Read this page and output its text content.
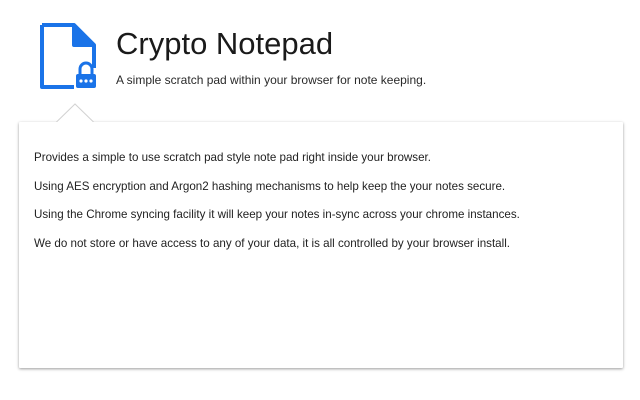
Crypto Notepad
A simple scratch pad within your browser for note keeping.

Provides a simple to use scratch pad style note pad right inside your browser.

Using AES encryption and Argon2 hashing mechanisms to help keep the your notes secure.

Using the Chrome syncing facility it will keep your notes in-sync across your chrome instances.

We do not store or have access to any of your data, it is all controlled by your browser install.
